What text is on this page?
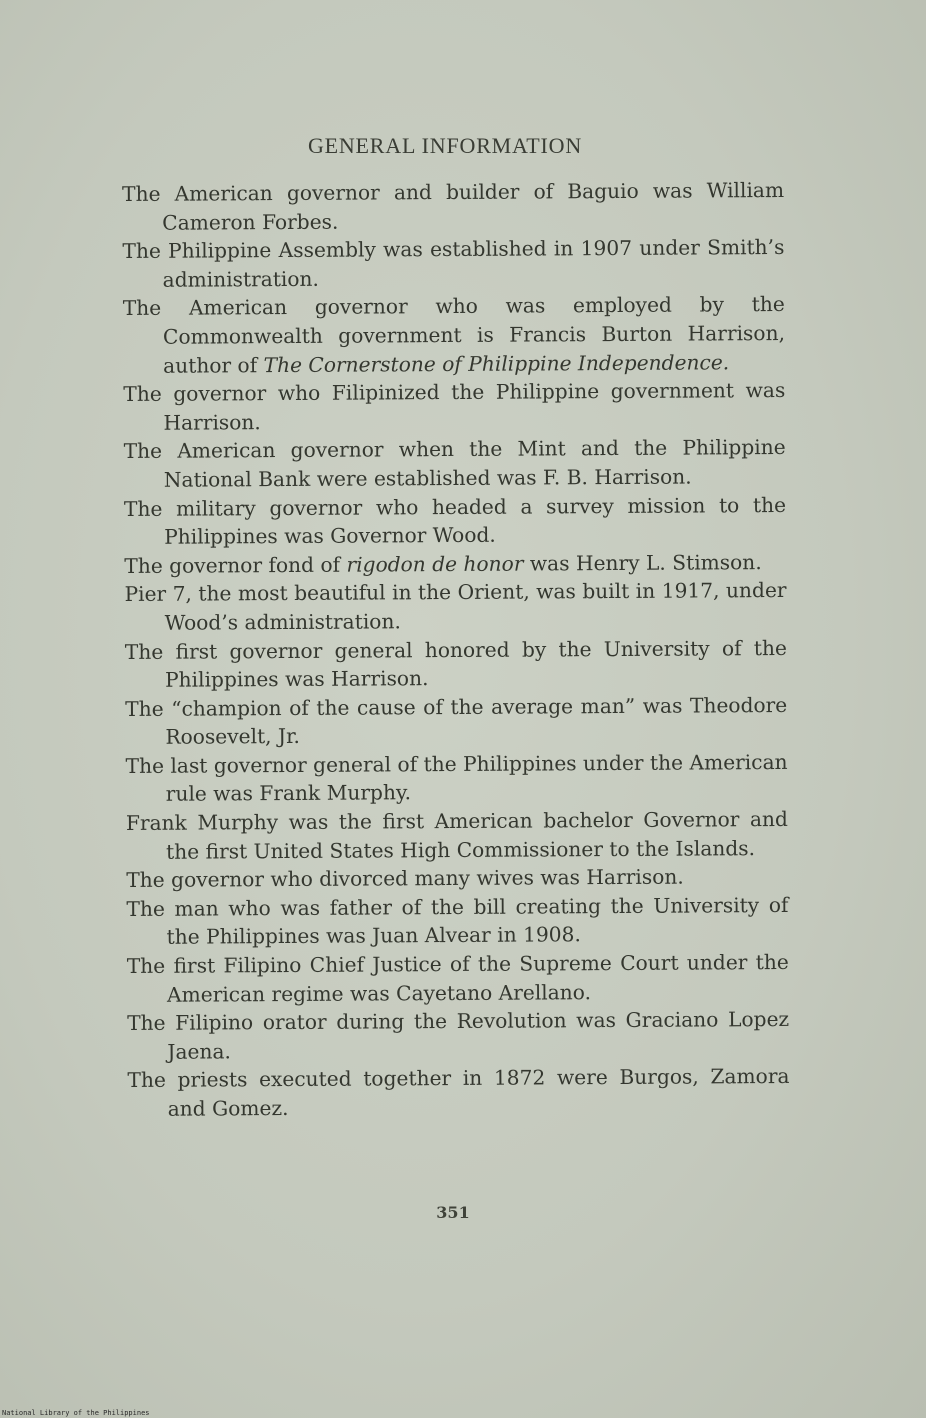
GENERAL INFORMATION

The American governor and builder of Baguio was William Cameron Forbes.

The Philippine Assembly was established in 1907 under Smith’s administration.

The American governor who was employed by the Commonwealth government is Francis Burton Harrison, author of The Cornerstone of Philippine Independence.

The governor who Filipinized the Philippine government was Harrison.

The American governor when the Mint and the Philippine National Bank were established was F. B. Harrison.

The military governor who headed a survey mission to the Philippines was Governor Wood.

The governor fond of rigodon de honor was Henry L. Stimson.

Pier 7, the most beautiful in the Orient, was built in 1917, under Wood’s administration.

The first governor general honored by the University of the Philippines was Harrison.

The “champion of the cause of the average man” was Theodore Roosevelt, Jr.

The last governor general of the Philippines under the American rule was Frank Murphy.

Frank Murphy was the first American bachelor Governor and the first United States High Commissioner to the Islands.

The governor who divorced many wives was Harrison.

The man who was father of the bill creating the University of the Philippines was Juan Alvear in 1908.

The first Filipino Chief Justice of the Supreme Court under the American regime was Cayetano Arellano.

The Filipino orator during the Revolution was Graciano Lopez Jaena.

The priests executed together in 1872 were Burgos, Zamora and Gomez.

351
National Library of the Philippines
